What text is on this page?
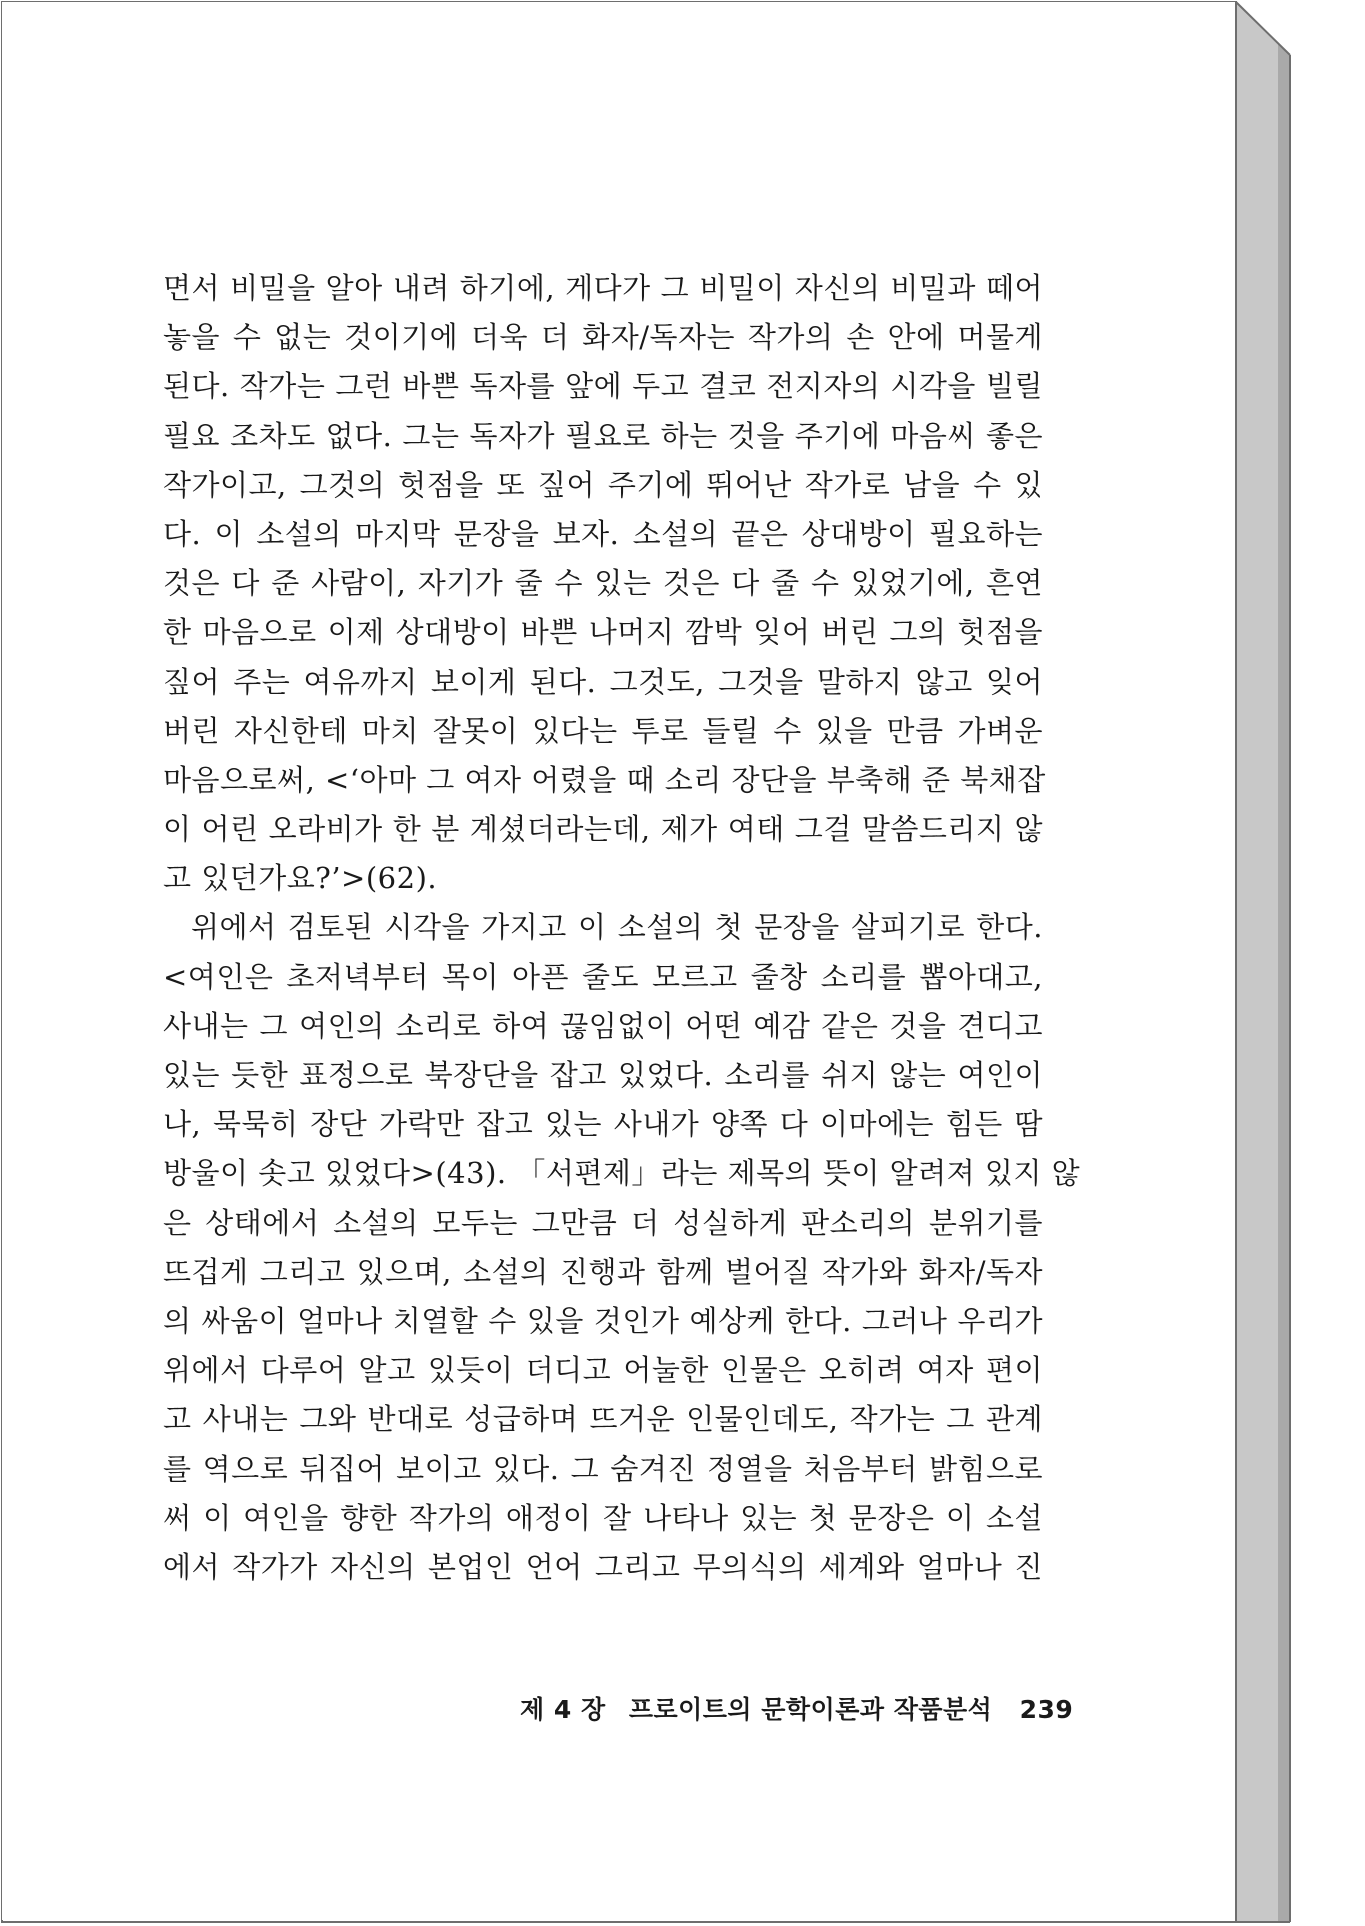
면서 비밀을 알아 내려 하기에, 게다가 그 비밀이 자신의 비밀과 떼어
놓을 수 없는 것이기에 더욱 더 화자/독자는 작가의 손 안에 머물게
된다. 작가는 그런 바쁜 독자를 앞에 두고 결코 전지자의 시각을 빌릴
필요 조차도 없다. 그는 독자가 필요로 하는 것을 주기에 마음씨 좋은
작가이고, 그것의 헛점을 또 짚어 주기에 뛰어난 작가로 남을 수 있
다. 이 소설의 마지막 문장을 보자. 소설의 끝은 상대방이 필요하는
것은 다 준 사람이, 자기가 줄 수 있는 것은 다 줄 수 있었기에, 흔연
한 마음으로 이제 상대방이 바쁜 나머지 깜박 잊어 버린 그의 헛점을
짚어 주는 여유까지 보이게 된다. 그것도, 그것을 말하지 않고 잊어
버린 자신한테 마치 잘못이 있다는 투로 들릴 수 있을 만큼 가벼운
마음으로써, <‘아마 그 여자 어렸을 때 소리 장단을 부축해 준 북채잡
이 어린 오라비가 한 분 계셨더라는데, 제가 여태 그걸 말씀드리지 않
고 있던가요?’>(62).
위에서 검토된 시각을 가지고 이 소설의 첫 문장을 살피기로 한다.
<여인은 초저녁부터 목이 아픈 줄도 모르고 줄창 소리를 뽑아대고,
사내는 그 여인의 소리로 하여 끊임없이 어떤 예감 같은 것을 견디고
있는 듯한 표정으로 북장단을 잡고 있었다. 소리를 쉬지 않는 여인이
나, 묵묵히 장단 가락만 잡고 있는 사내가 양쪽 다 이마에는 힘든 땀
방울이 솟고 있었다>(43). 「서편제」라는 제목의 뜻이 알려져 있지 않
은 상태에서 소설의 모두는 그만큼 더 성실하게 판소리의 분위기를
뜨겁게 그리고 있으며, 소설의 진행과 함께 벌어질 작가와 화자/독자
의 싸움이 얼마나 치열할 수 있을 것인가 예상케 한다. 그러나 우리가
위에서 다루어 알고 있듯이 더디고 어눌한 인물은 오히려 여자 편이
고 사내는 그와 반대로 성급하며 뜨거운 인물인데도, 작가는 그 관계
를 역으로 뒤집어 보이고 있다. 그 숨겨진 정열을 처음부터 밝힘으로
써 이 여인을 향한 작가의 애정이 잘 나타나 있는 첫 문장은 이 소설
에서 작가가 자신의 본업인 언어 그리고 무의식의 세계와 얼마나 진
제 4 장 프로이트의 문학이론과 작품분석 239
